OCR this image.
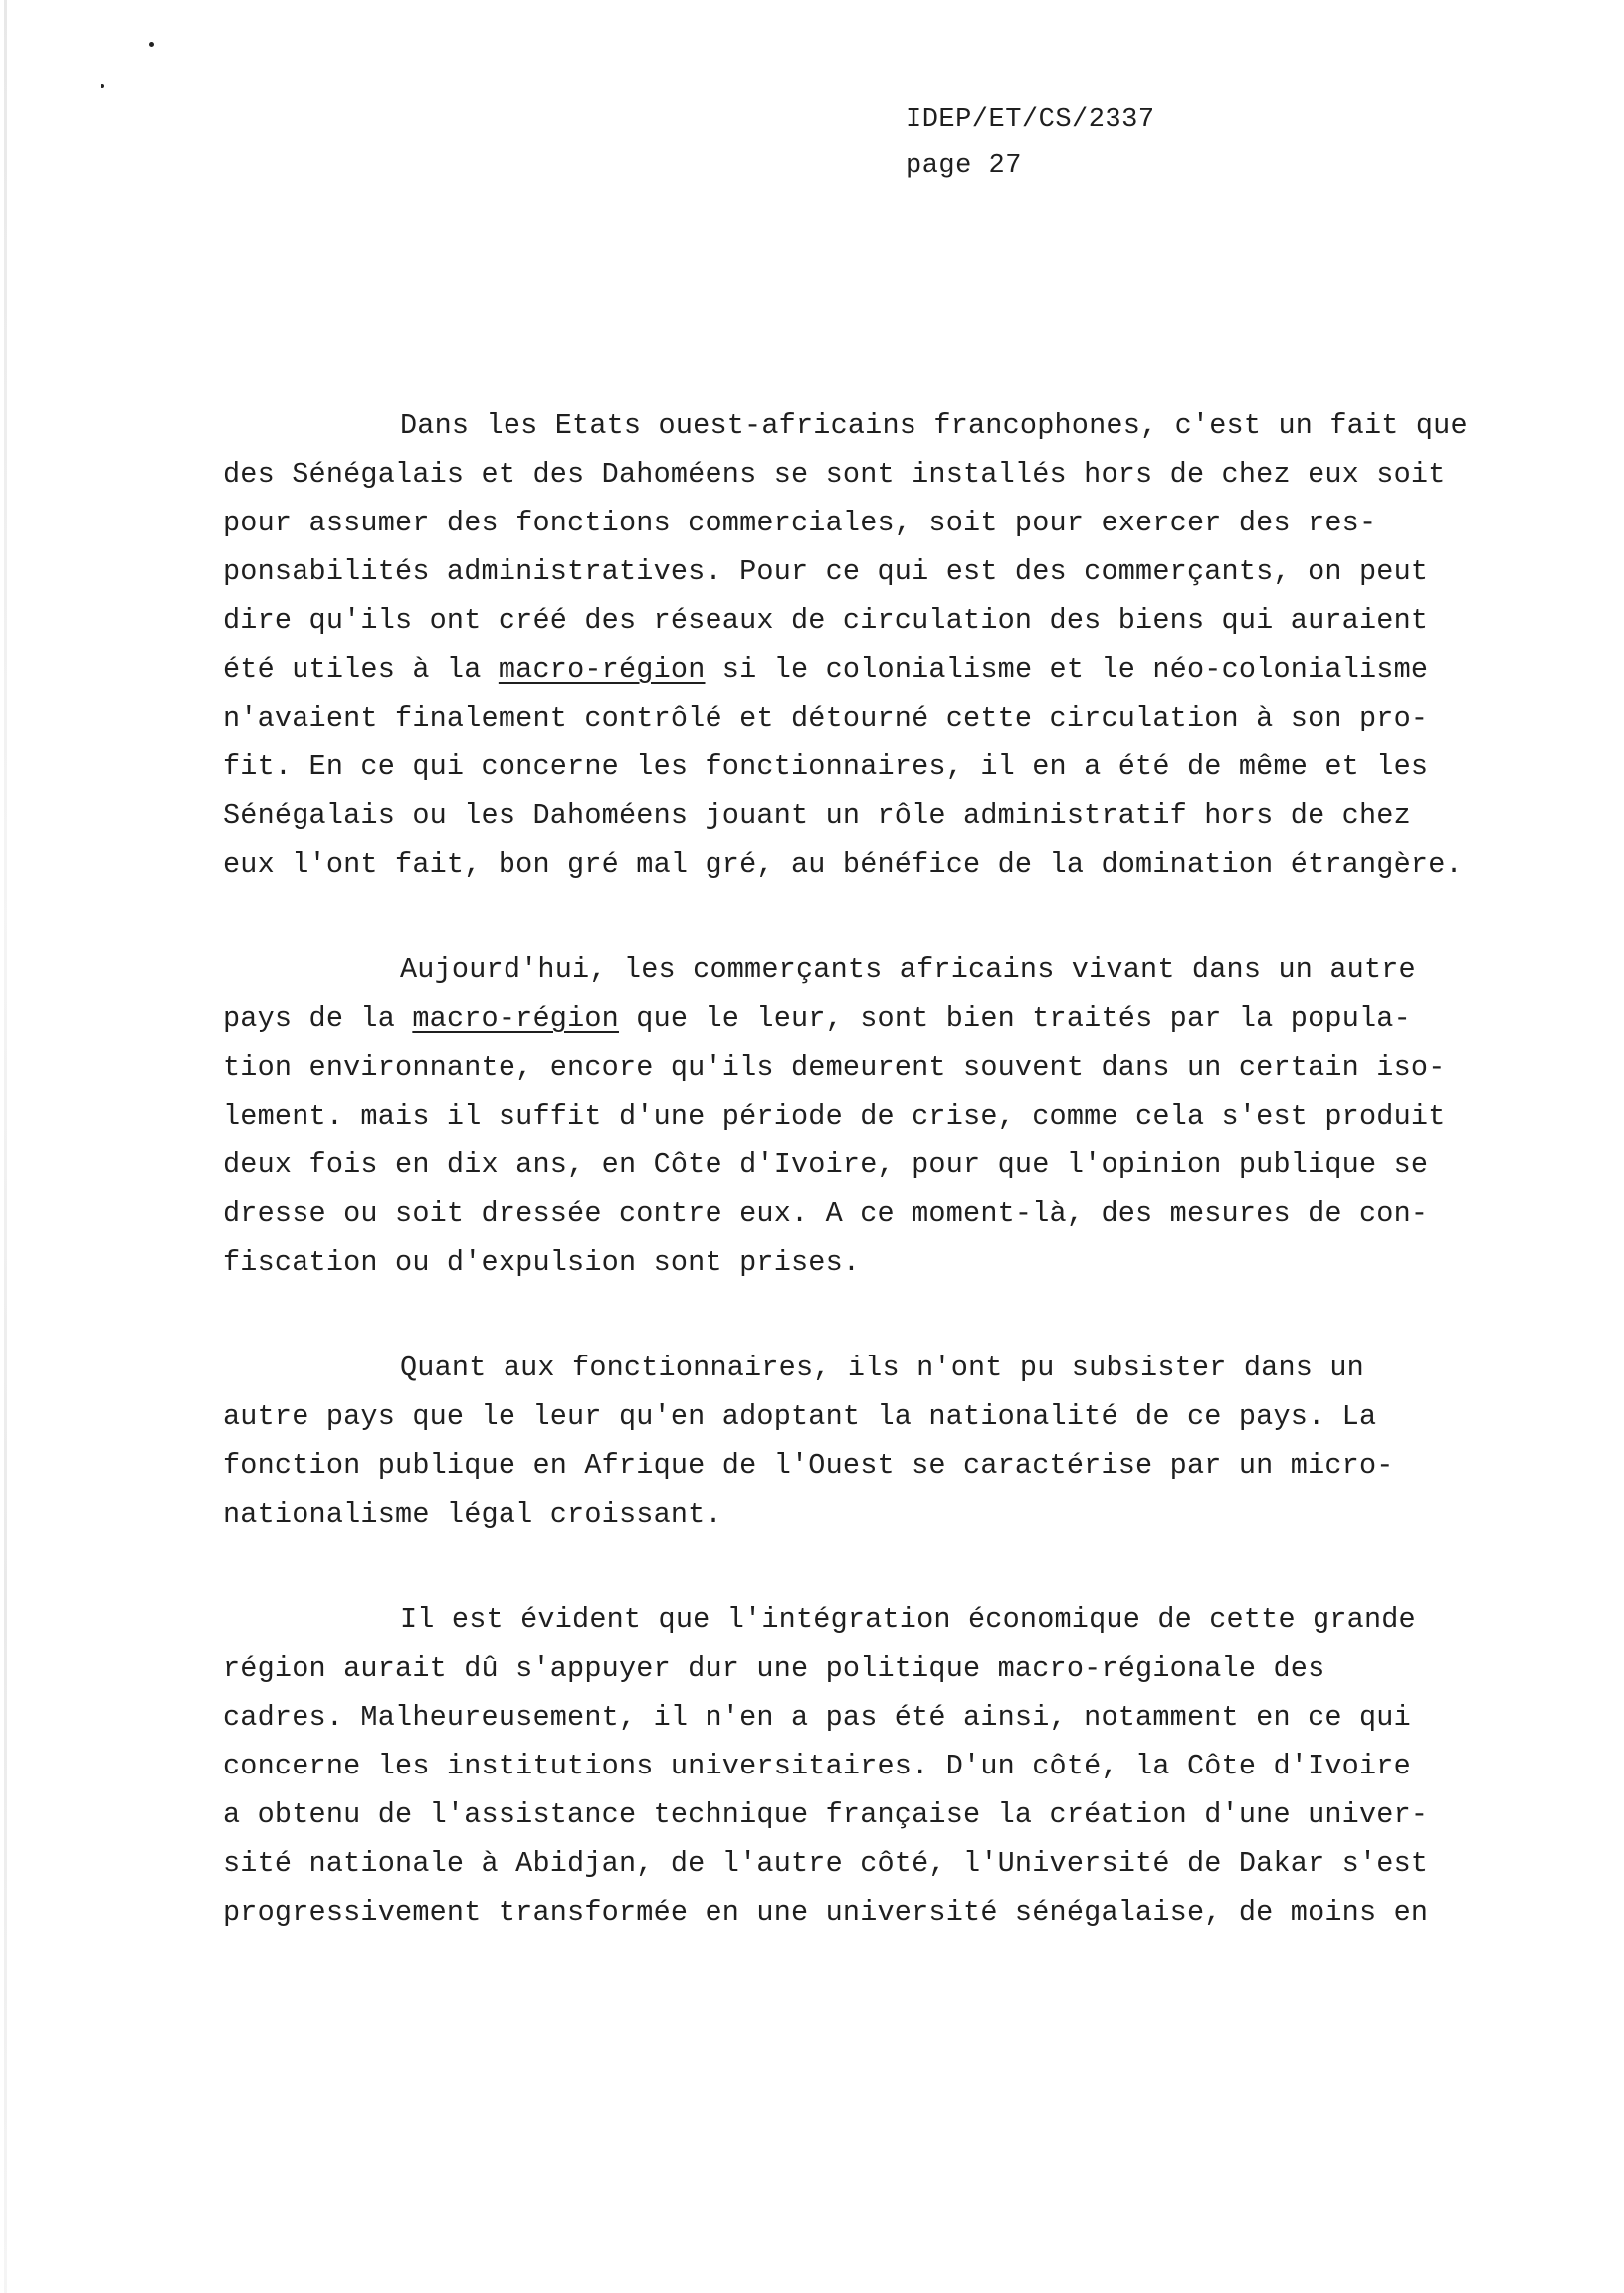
IDEP/ET/CS/2337
page 27
Dans les Etats ouest-africains francophones, c'est un fait que
des Sénégalais et des Dahoméens se sont installés hors de chez eux soit
pour assumer des fonctions commerciales, soit pour exercer des res-
ponsabilités administratives. Pour ce qui est des commerçants, on peut
dire qu'ils ont créé des réseaux de circulation des biens qui auraient
été utiles à la macro-région si le colonialisme et le néo-colonialisme
n'avaient finalement contrôlé et détourné cette circulation à son pro-
fit. En ce qui concerne les fonctionnaires, il en a été de même et les
Sénégalais ou les Dahoméens jouant un rôle administratif hors de chez
eux l'ont fait, bon gré mal gré, au bénéfice de la domination étrangère.
Aujourd'hui, les commerçants africains vivant dans un autre
pays de la macro-région que le leur, sont bien traités par la popula-
tion environnante, encore qu'ils demeurent souvent dans un certain iso-
lement. mais il suffit d'une période de crise, comme cela s'est produit
deux fois en dix ans, en Côte d'Ivoire, pour que l'opinion publique se
dresse ou soit dressée contre eux. A ce moment-là, des mesures de con-
fiscation ou d'expulsion sont prises.
Quant aux fonctionnaires, ils n'ont pu subsister dans un
autre pays que le leur qu'en adoptant la nationalité de ce pays. La
fonction publique en Afrique de l'Ouest se caractérise par un micro-
nationalisme légal croissant.
Il est évident que l'intégration économique de cette grande
région aurait dû s'appuyer dur une politique macro-régionale des
cadres. Malheureusement, il n'en a pas été ainsi, notamment en ce qui
concerne les institutions universitaires. D'un côté, la Côte d'Ivoire
a obtenu de l'assistance technique française la création d'une univer-
sité nationale à Abidjan, de l'autre côté, l'Université de Dakar s'est
progressivement transformée en une université sénégalaise, de moins en
